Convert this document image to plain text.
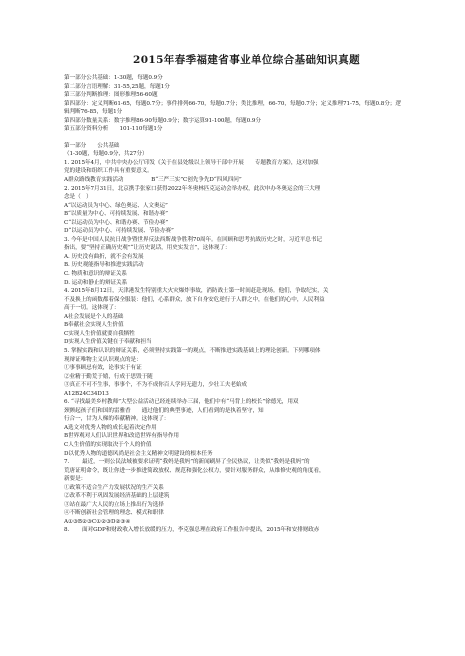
2015年春季福建省事业单位综合基础知识真题
第一部分公共基础：1-30题，每题0.9分
第二部分言语理解：31-55,25题，每题1分
第三部分判断推理：图形推理56-60题
第四部分：定义判断61-65，每题0.7分；事件排列66-70，每题0.7分；类比推理，66-70，每题0.7分；定义推理71-75，每题0.8分；逻
辑判断76-85，每题1分
第四部分数量关系：数字推理86-90每题0.9分；数字运算91-100题，每题0.9分
第五部分资料分析　　101-110每题1分
第一部分　　公共基础
（1-30题，每题0.9分，共27分）
1. 2015年4月，中共中央办公厅印发《关于在县处级以上领导干部中开展　　专题教育方案》，这对加强
党的建设和组织工作具有重要意义。
A群众路线教育实践活动　　　　　B“三严三实”C创先争先D“四风四问”
2. 2015年7月31日，北京携手张家口获得2022年冬奥林匹克运动会举办权，此次申办冬奥运会的三大理
念是（　）
A“以运动员为中心、绿色奥运、人文奥运”
B“以质量为中心、可持续发展、和谐办赛”
C“以运动员为中心、和谐办赛、节俭办赛”
D“以运动员为中心、可持续发展、节俭办赛”
3. 今年是中国人民抗日战争暨世界反法西斯战争胜利70周年。在回顾和思考抗战历史之时，习近平总书记
指出，要“坚持正确历史观”“让历史说话，用史实发言”，这体现了：
A. 历史没有曲折，就不会有发展
B. 历史观能指导和推进实践活动
C. 物质和意识的辩证关系
D. 运动和静止的辩证关系
4. 2015年8月12日，天津港发生特别重大火灾爆炸事故，消防战士第一时间赶赴现场。他们，争取纪实，关
不及换上的函数都着保全服装：他们，心系群众，放下自身安危逆行于人群之中，在他们的心中，人民利益
高于一切。这体现了：
A社会发展是个人的基础
B奉献社会实现人生价值
C实现人生价值就要自我牺牲
D实现人生价值关键在于奉献和担当
5. 掌握实践和认识的辩证关系，必须坚持实践第一的观点，不断推进实践基础上的理论创新。下列哪项体
现辩证唯物主义认识观点的是：
①事事顾忌有效，论事实于有证
②业精于勤荒于嬉，行成于思毁于随
③真正不可不生事，事事个，不为不成你百人学问无遗力，少壮工夫老始成
A12B24C34D13
6. “寻找最美乡村教师”大型公益活动已经连续举办三届，他们中有“马背上的校长”徐德光，用双
颈颤起孩子们和国的雷雅香　　通过他们的典型事迹，人们看到的是执着坚守，知
行合一，甘为人梯的奉献精神。这体现了：
A选文对优秀人物的成长起着决定作用
B世界观对人们认识世界和改造世界有指导作用
C人生价值的实现取决于个人的价值
D以优秀人物的道德风尚是社会主义精神文明建设的根本任务
7. 　　最近，一则公民法域被要求证明“我妈是我妈”的新闻刷屏了全民热议，让类似“我妈是我妈”的
荒唐证明命令，既让你进一步推进简政放权、规范和强化公权力，要针对服务群众，从维修史观的角度看，
新要是：
①政策不适合生产力发展状况的生产关系
②改革不利于巩固发展经济基础的上层建筑
③站在最广大人民的立场上推出行为选择
④不断创新社会管理的理念、模式和职律
A①③B②③C①②③D②③④
8. 　　面对GDP和财政收入增长放缓的压力，李克强总理在政府工作报告中提出，2015年和安排财政赤
